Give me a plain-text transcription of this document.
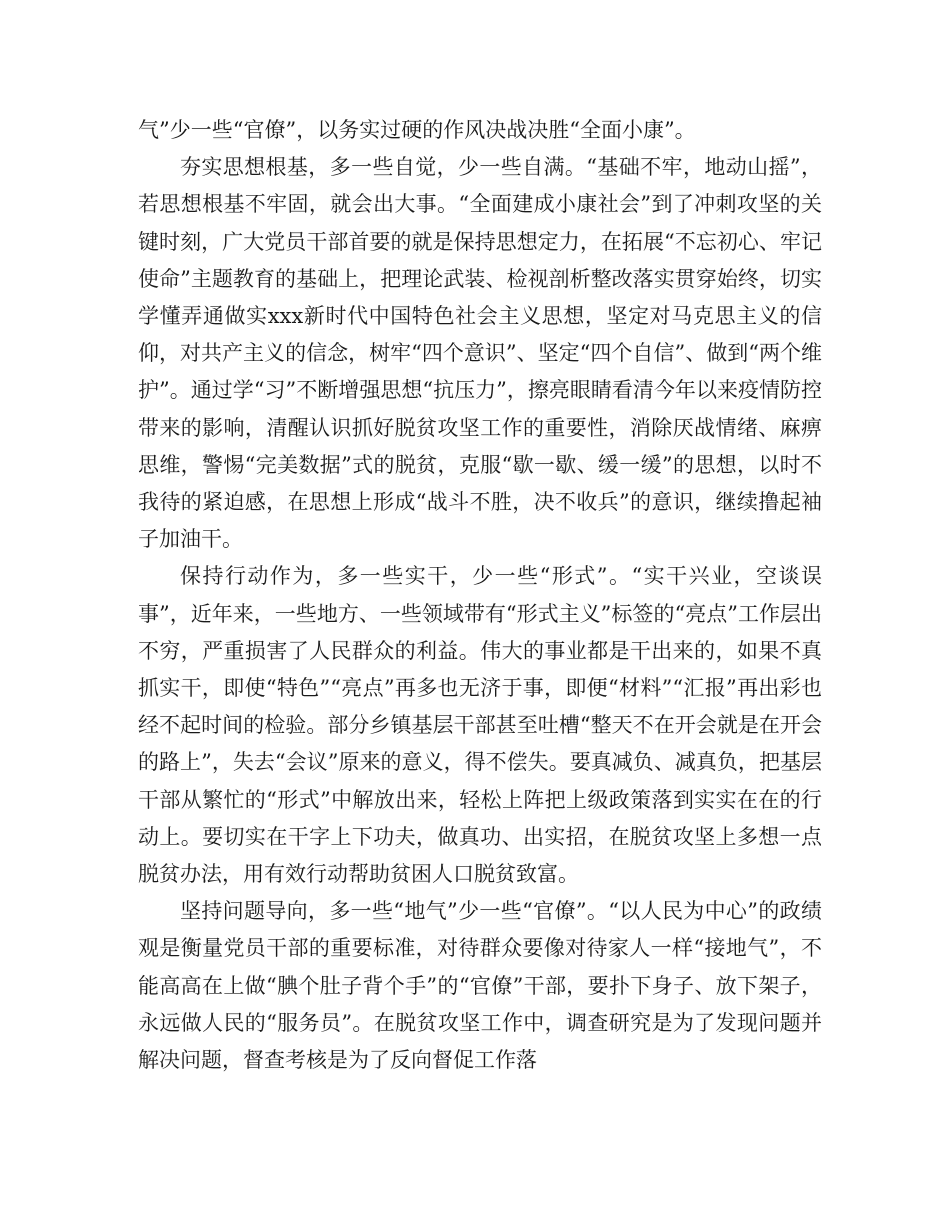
气”少一些“官僚”，以务实过硬的作风决战决胜“全面小康”。

夯实思想根基，多一些自觉，少一些自满。“基础不牢，地动山摇”，若思想根基不牢固，就会出大事。“全面建成小康社会”到了冲刺攻坚的关键时刻，广大党员干部首要的就是保持思想定力，在拓展“不忘初心、牢记使命”主题教育的基础上，把理论武装、检视剖析整改落实贯穿始终，切实学懂弄通做实xxx新时代中国特色社会主义思想，坚定对马克思主义的信仰，对共产主义的信念，树牢“四个意识”、坚定“四个自信”、做到“两个维护”。通过学“习”不断增强思想“抗压力”，擦亮眼睛看清今年以来疫情防控带来的影响，清醒认识抓好脱贫攻坚工作的重要性，消除厌战情绪、麻痹思维，警惕“完美数据”式的脱贫，克服“歇一歇、缓一缓”的思想，以时不我待的紧迫感，在思想上形成“战斗不胜，决不收兵”的意识，继续撸起袖子加油干。

保持行动作为，多一些实干，少一些“形式”。“实干兴业，空谈误事”，近年来，一些地方、一些领域带有“形式主义”标签的“亮点”工作层出不穷，严重损害了人民群众的利益。伟大的事业都是干出来的，如果不真抓实干，即使“特色”“亮点”再多也无济于事，即便“材料”“汇报”再出彩也经不起时间的检验。部分乡镇基层干部甚至吐槽“整天不在开会就是在开会的路上”，失去“会议”原来的意义，得不偿失。要真减负、减真负，把基层干部从繁忙的“形式”中解放出来，轻松上阵把上级政策落到实实在在的行动上。要切实在干字上下功夫，做真功、出实招，在脱贫攻坚上多想一点脱贫办法，用有效行动帮助贫困人口脱贫致富。

坚持问题导向，多一些“地气”少一些“官僚”。“以人民为中心”的政绩观是衡量党员干部的重要标准，对待群众要像对待家人一样“接地气”，不能高高在上做“腆个肚子背个手”的“官僚”干部，要扑下身子、放下架子，永远做人民的“服务员”。在脱贫攻坚工作中，调查研究是为了发现问题并解决问题，督查考核是为了反向督促工作落
